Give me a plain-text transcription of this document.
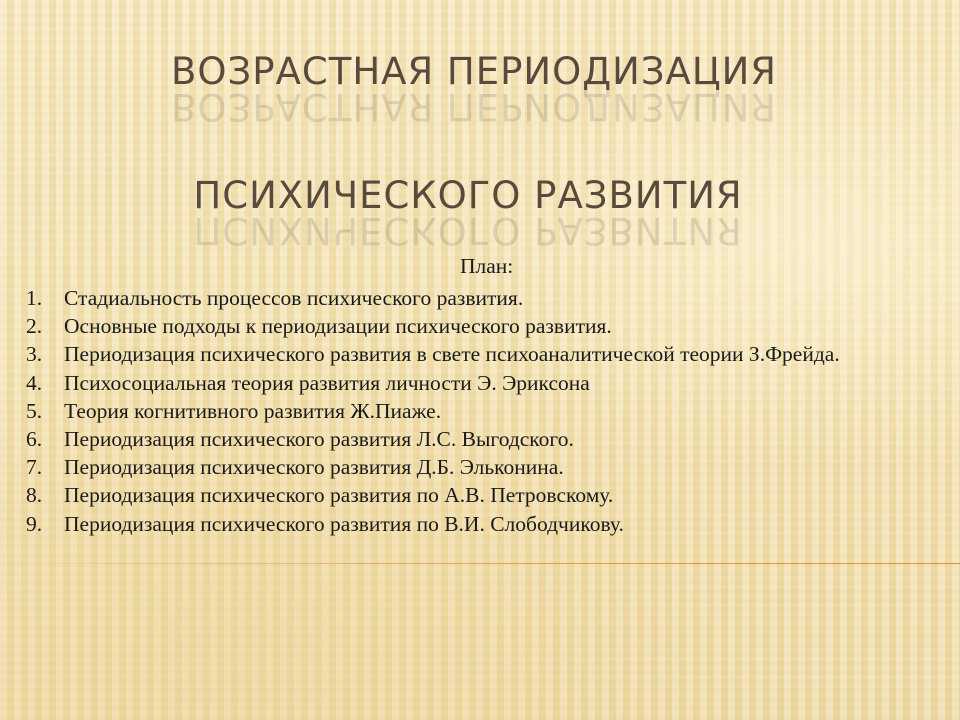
ВОЗРАСТНАЯ ПЕРИОДИЗАЦИЯ
ВОЗРАСТНАЯ ПЕРИОДИЗАЦИЯ
ПСИХИЧЕСКОГО РАЗВИТИЯ
ПСИХИЧЕСКОГО РАЗВИТИЯ
План:
1. Стадиальность процессов психического развития.
2. Основные подходы к периодизации психического развития.
3. Периодизация психического развития в свете психоаналитической теории З.Фрейда.
4. Психосоциальная теория развития личности Э. Эриксона
5. Теория когнитивного развития Ж.Пиаже.
6. Периодизация психического развития Л.С. Выгодского.
7. Периодизация психического развития Д.Б. Эльконина.
8. Периодизация психического развития по А.В. Петровскому.
9. Периодизация психического развития по В.И. Слободчикову.
